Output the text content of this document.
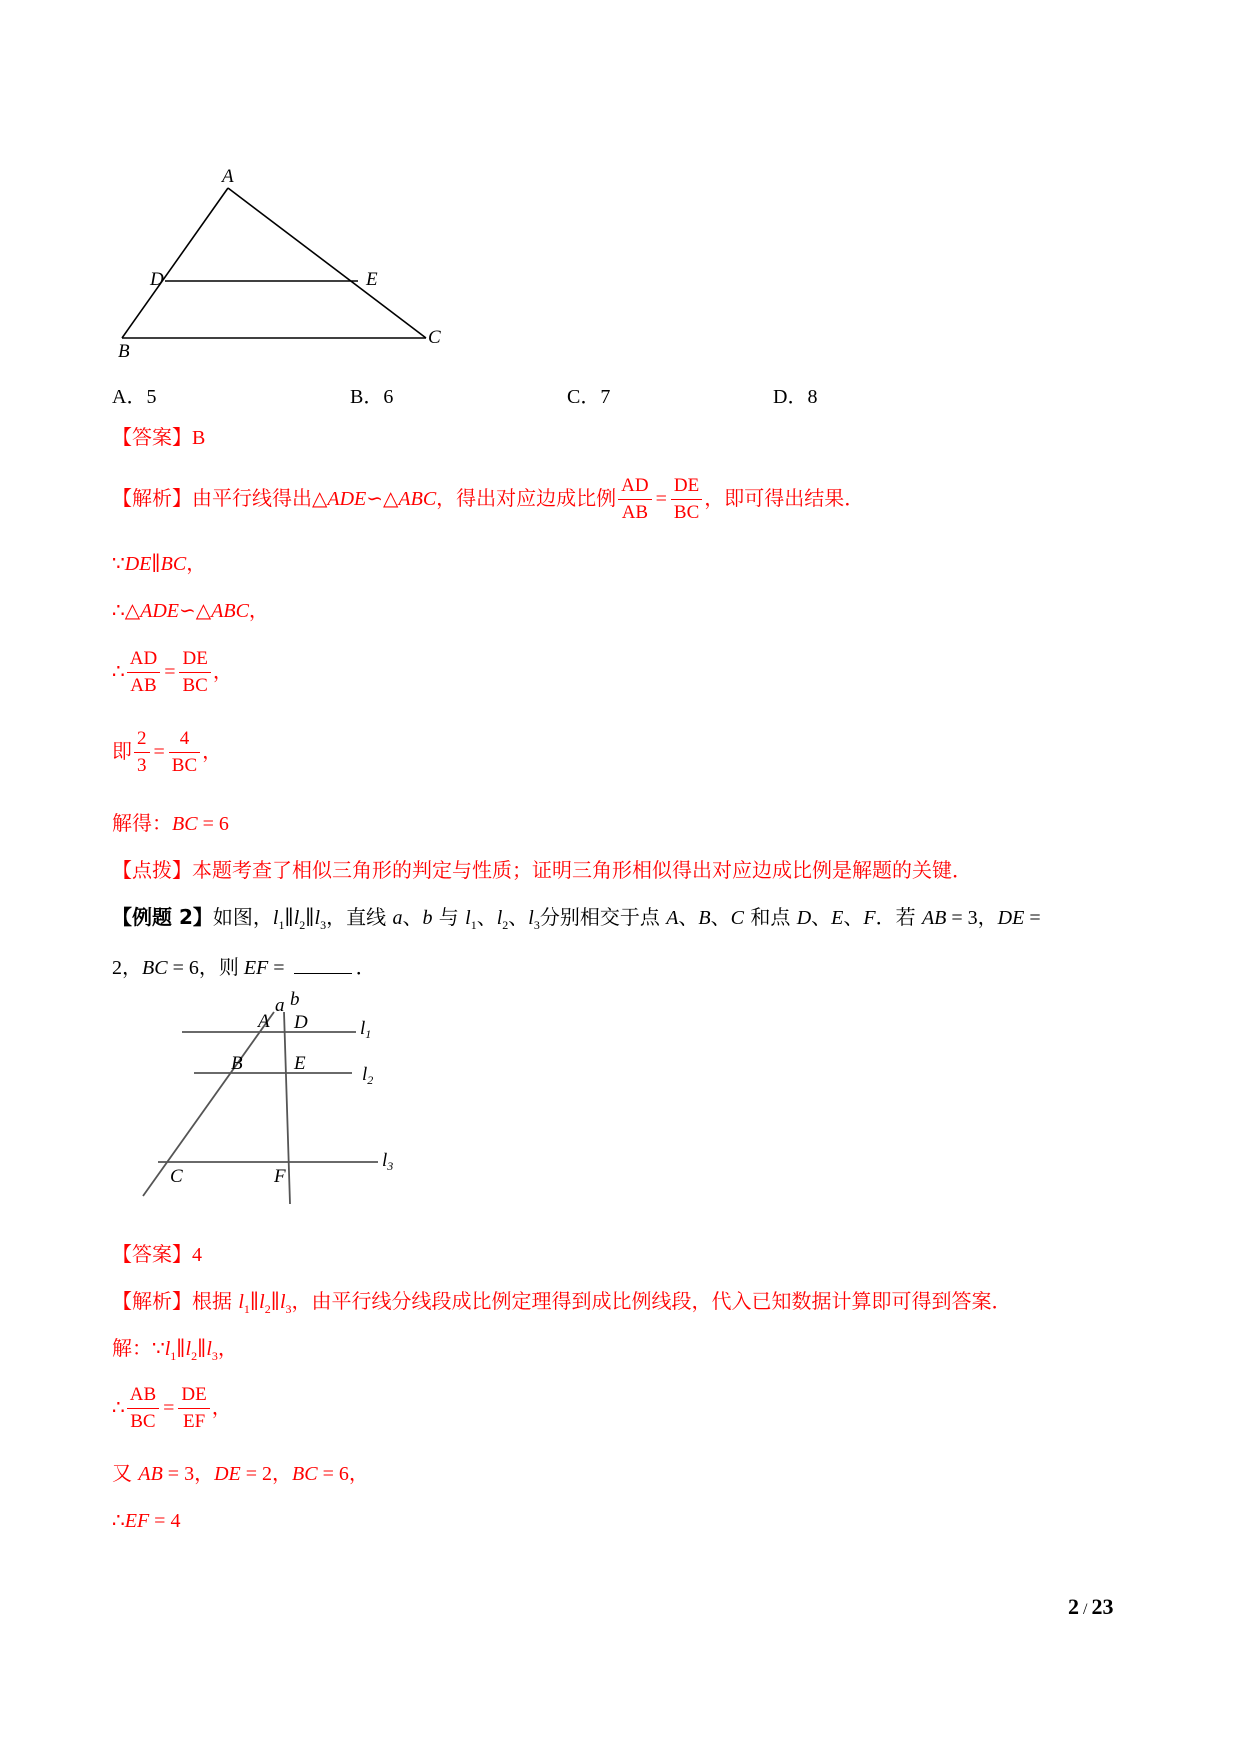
A
D	E
B
C
A．5	B．6	C．7	D．8
【答案】B
【解析】由平行线得出△ADE∽△ABC，得出对应边成比例 $\frac{AD}{AB} = \frac{DE}{BC}$ ，即可得出结果．
∵DE∥BC，
∴△ADE∽△ABC，
∴ $\frac{AD}{AB} = \frac{DE}{BC}$ ，
即 $\frac{2}{3} = \frac{4}{BC}$ ，
解得：BC = 6
【点拨】本题考查了相似三角形的判定与性质；证明三角形相似得出对应边成比例是解题的关键．
【例题 2】如图，$l_1\parallel l_2\parallel l_3$，直线 a、b 与 $l_1$、$l_2$、$l_3$分别相交于点 A、B、C 和点 D、E、F．若 AB = 3，DE =
2，BC = 6，则 EF =	．
a b
A D
B	E
C	F
$l_1$
$l_2$
$l_3$
【答案】4
【解析】根据 $l_1\parallel l_2\parallel l_3$，由平行线分线段成比例定理得到成比例线段，代入已知数据计算即可得到答案．
解：$\because l_1\parallel l_2\parallel l_3$，
∴ $\frac{AB}{BC} = \frac{DE}{EF}$ ，
又 AB = 3，DE = 2，BC = 6，
∴EF = 4
2 / 23
